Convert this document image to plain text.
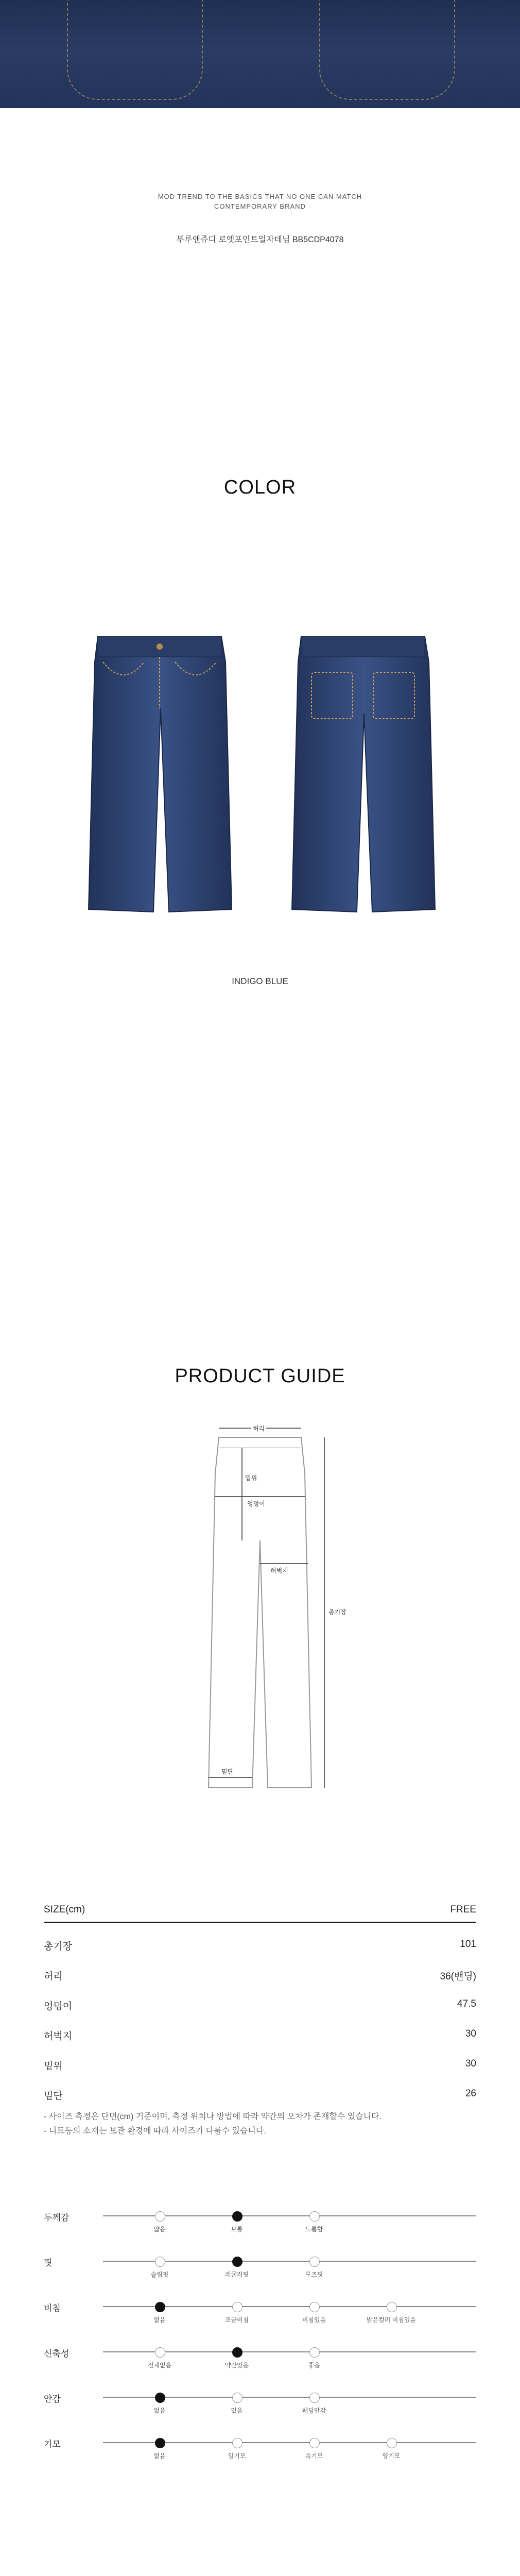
MOD TREND TO THE BASICS THAT NO ONE CAN MATCH
CONTEMPORARY BRAND
부루앤쥬디 로엣포인트일자데님 BB5CDP4078
COLOR
INDIGO BLUE
PRODUCT GUIDE
허리
밑위
엉덩이
허벅지
밑단
총기장
SIZE(cm)	FREE
총기장	101
허리	36(밴딩)
엉덩이	47.5
허벅지	30
밑위	30
밑단	26
- 사이즈 측정은 단면(cm) 기준이며, 측정 위치나 방법에 따라 약간의 오차가 존재할수 있습니다.
- 니트등의 소재는 보관 환경에 따라 사이즈가 다룰수 있습니다.
두께감
얇음	보통	도톰함
핏
슬림핏	레귤러핏	루즈핏
비침
없음	조금비침	비침있음	밝은컬러 비침있음
신축성
전체없음	약간있음	좋음
안감
없음	있음	패딩안감
기모
없음	일기모	속기모	양기모
